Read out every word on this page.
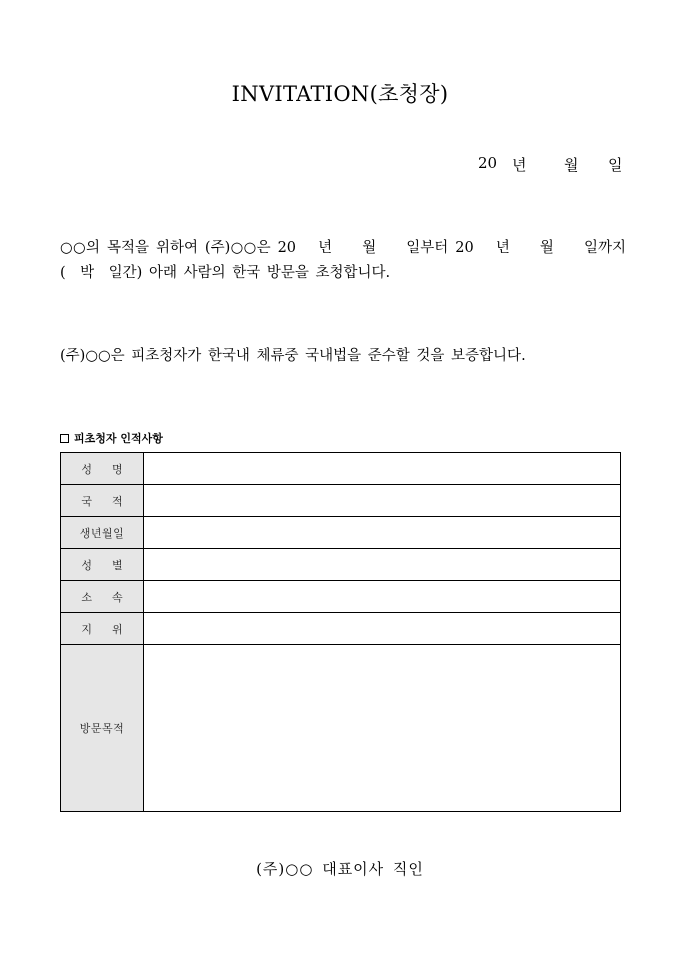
INVITATION(초청장)
20 년	월 일
○○의 목적을 위하여 (주)○○은 20　 년　　월　　일부터 20　 년　　월　　일까지 (　박　일간) 아래 사람의 한국 방문을 초청합니다.
(주)○○은 피초청자가 한국내 체류중 국내법을 준수할 것을 보증합니다.
피초청자 인적사항
성명	
국적	
생년월일	
성별	
소속	
지위	
방문목적	
(주)○○ 대표이사 직인
